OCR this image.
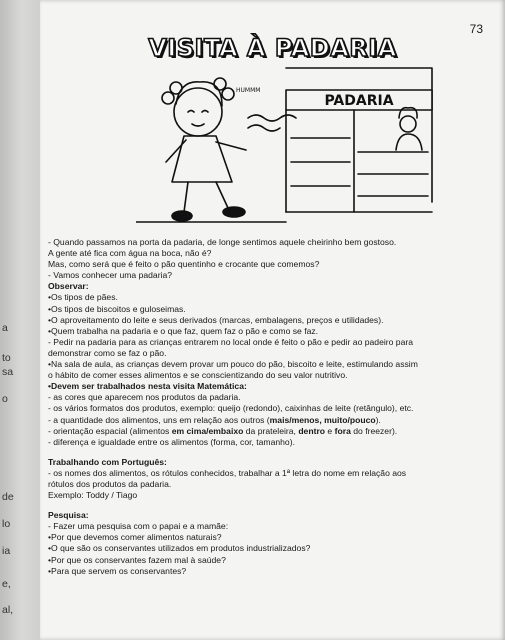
a
to
sa
o
de
lo
ia
e,
al,
73
VISITA À PADARIA
PADARIA
HUMMM

- Quando passamos na porta da padaria, de longe sentimos aquele cheirinho bem gostoso.

A gente até fica com água na boca, não é?

Mas, como será que é feito o pão quentinho e crocante que comemos?

- Vamos conhecer uma padaria?

Observar:

• Os tipos de pães.

• Os tipos de biscoitos e guloseimas.

• O aproveitamento do leite e seus derivados (marcas, embalagens, preços e utilidades).

• Quem trabalha na padaria e o que faz, quem faz o pão e como se faz.

- Pedir na padaria para as crianças entrarem no local onde é feito o pão e pedir ao padeiro para

demonstrar como se faz o pão.

• Na sala de aula, as crianças devem provar um pouco do pão, biscoito e leite, estimulando assim

o hábito de comer esses alimentos e se conscientizando do seu valor nutritivo.

• Devem ser trabalhados nesta visita Matemática:

- as cores que aparecem nos produtos da padaria.

- os vários formatos dos produtos, exemplo: queijo (redondo), caixinhas de leite (retângulo), etc.

- a quantidade dos alimentos, uns em relação aos outros (mais/menos, muito/pouco).

- orientação espacial (alimentos em cima/embaixo da prateleira, dentro e fora do freezer).

- diferença e igualdade entre os alimentos (forma, cor, tamanho).

Trabalhando com Português:

- os nomes dos alimentos, os rótulos conhecidos, trabalhar a 1ª letra do nome em relação aos

rótulos dos produtos da padaria.

Exemplo: Toddy / Tiago

Pesquisa:

- Fazer uma pesquisa com o papai e a mamãe:

• Por que devemos comer alimentos naturais?

• O que são os conservantes utilizados em produtos industrializados?

• Por que os conservantes fazem mal à saúde?

• Para que servem os conservantes?
